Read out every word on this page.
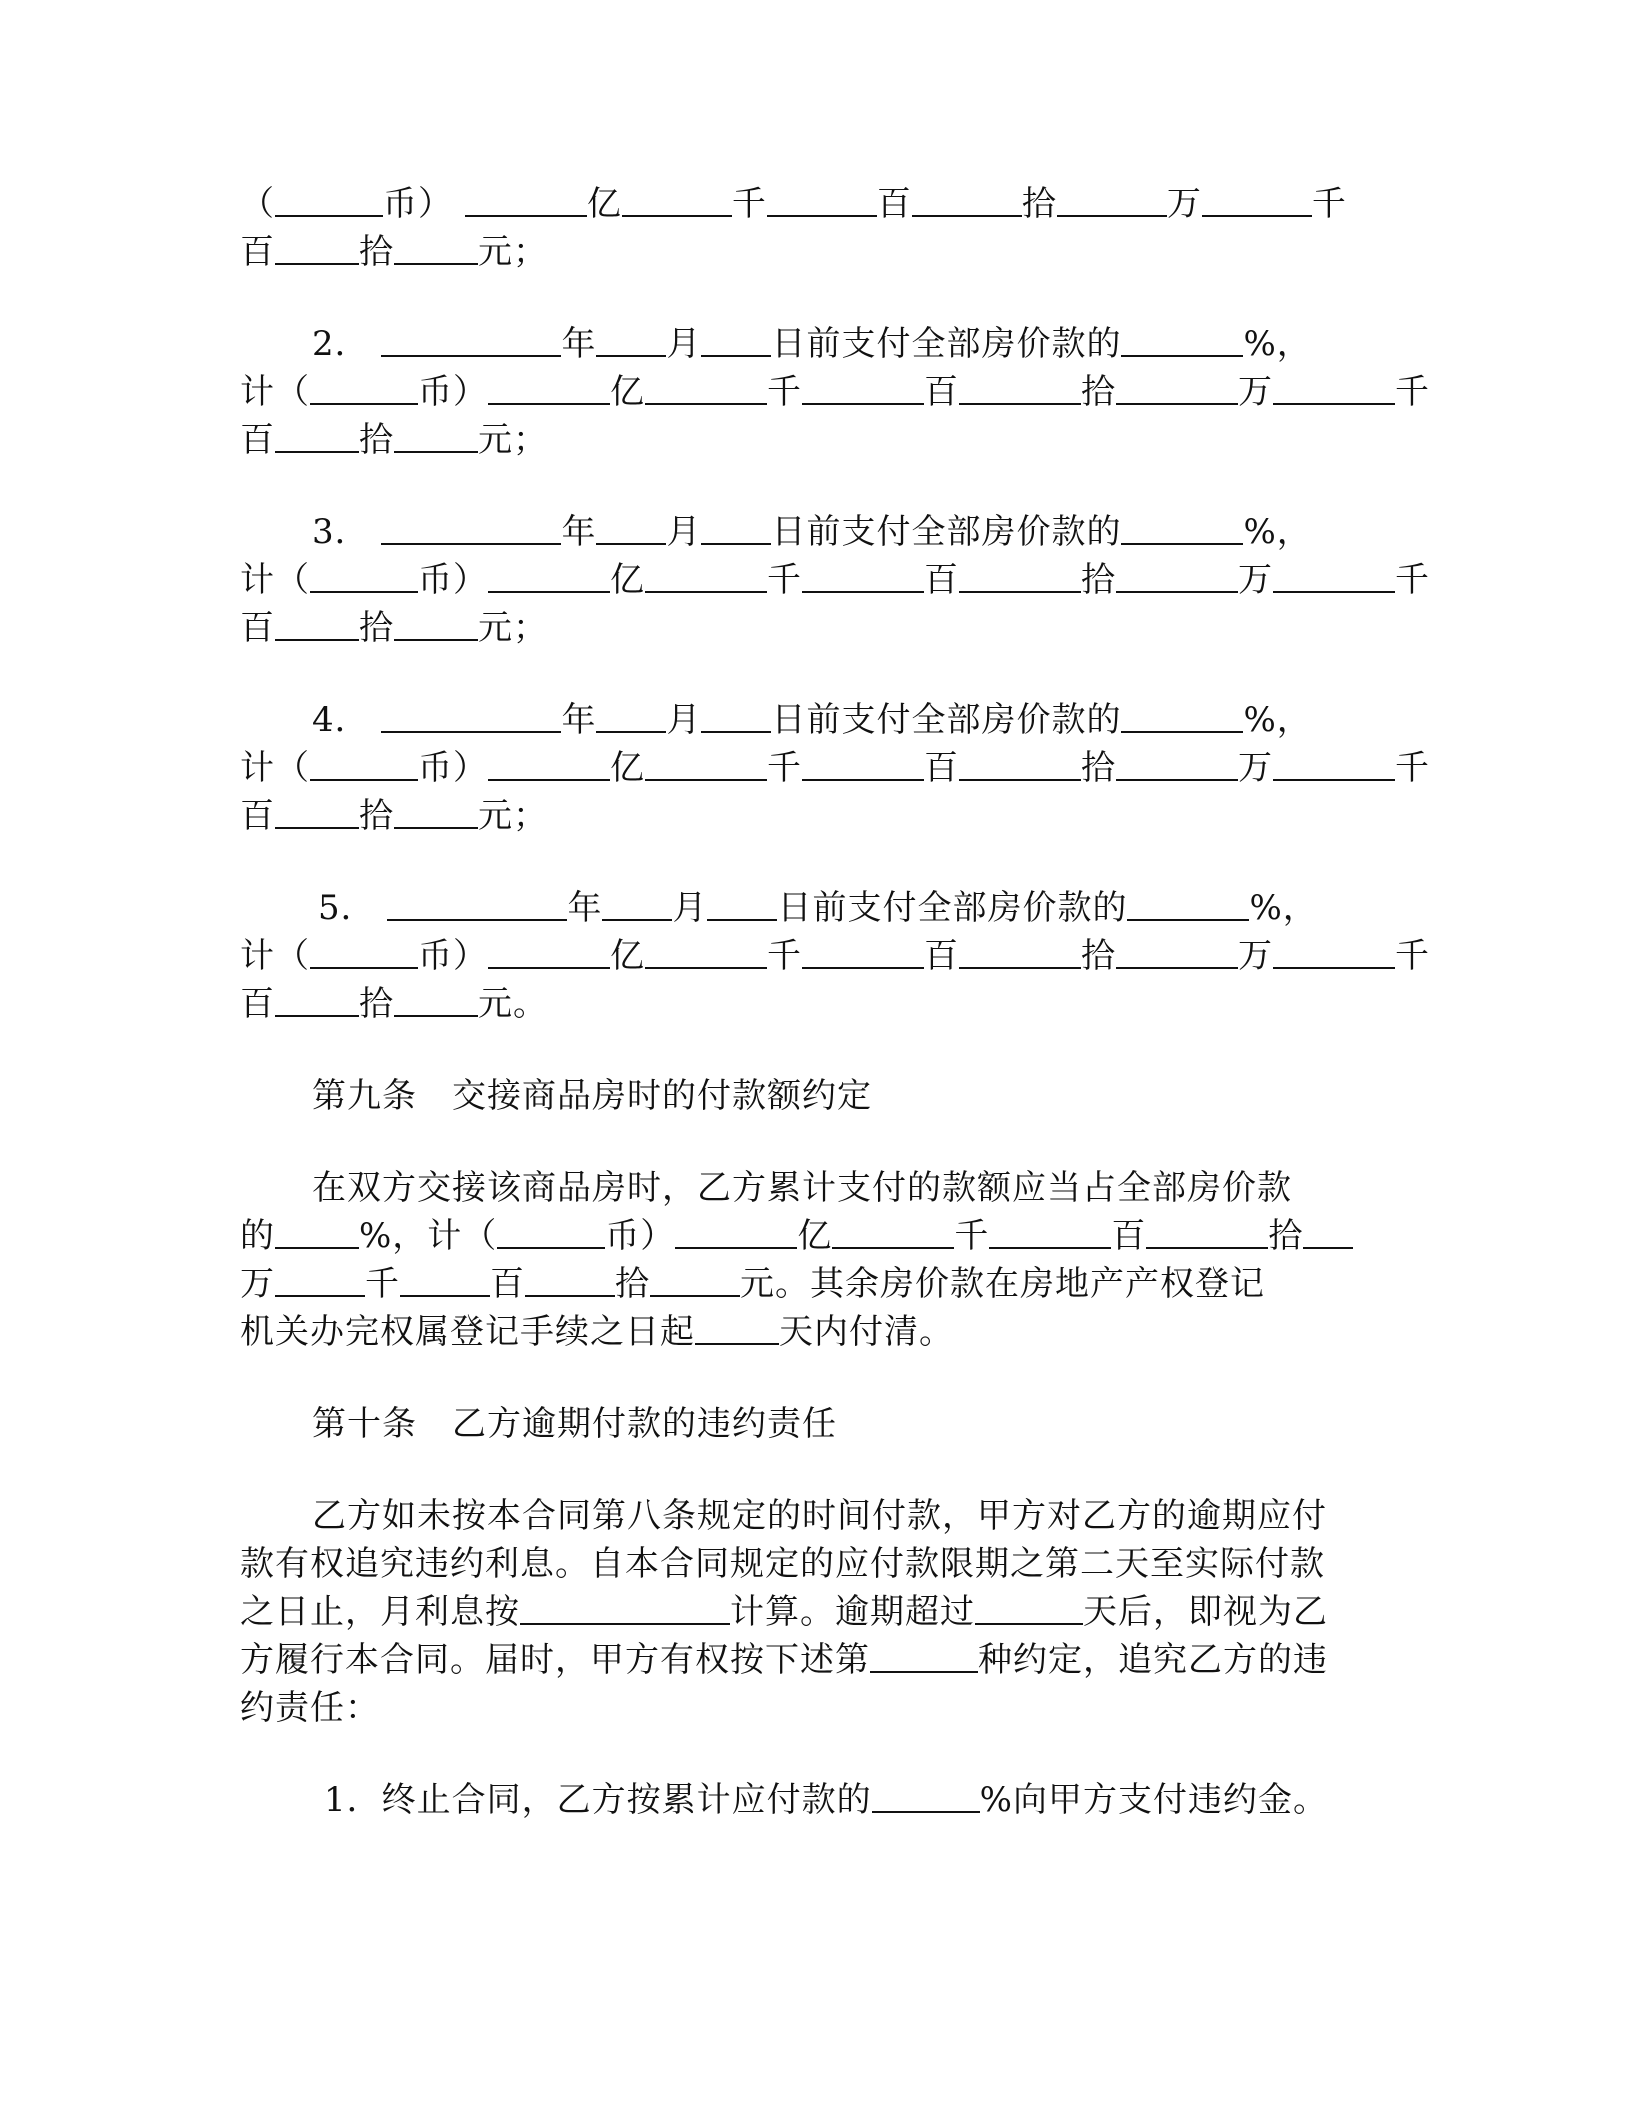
（	币）	亿	千	百	拾	万	千
百 拾 元；
2．	年 月 日前支付全部房价款的	%，
计（	币）	亿	千	百	拾	万	千
百 拾 元；
3．	年 月 日前支付全部房价款的	%，
计（	币）	亿	千	百	拾	万	千
百 拾 元；
4．	年 月 日前支付全部房价款的	%，
计（	币）	亿	千	百	拾	万	千
百 拾 元；
5．	年 月 日前支付全部房价款的	%，
计（	币）	亿	千	百	拾	万	千
百 拾 元。
第九条　交接商品房时的付款额约定
在双方交接该商品房时，乙方累计支付的款额应当占全部房价款
的 %，计（	币）	亿	千	百	拾
万	千	百	拾	元。其余房价款在房地产产权登记
机关办完权属登记手续之日起 天内付清。
第十条　乙方逾期付款的违约责任
乙方如未按本合同第八条规定的时间付款，甲方对乙方的逾期应付
款有权追究违约利息。自本合同规定的应付款限期之第二天至实际付款
之日止，月利息按	计算。逾期超过	天后，即视为乙
方履行本合同。届时，甲方有权按下述第	种约定，追究乙方的违
约责任：
1．终止合同，乙方按累计应付款的	%向甲方支付违约金。
